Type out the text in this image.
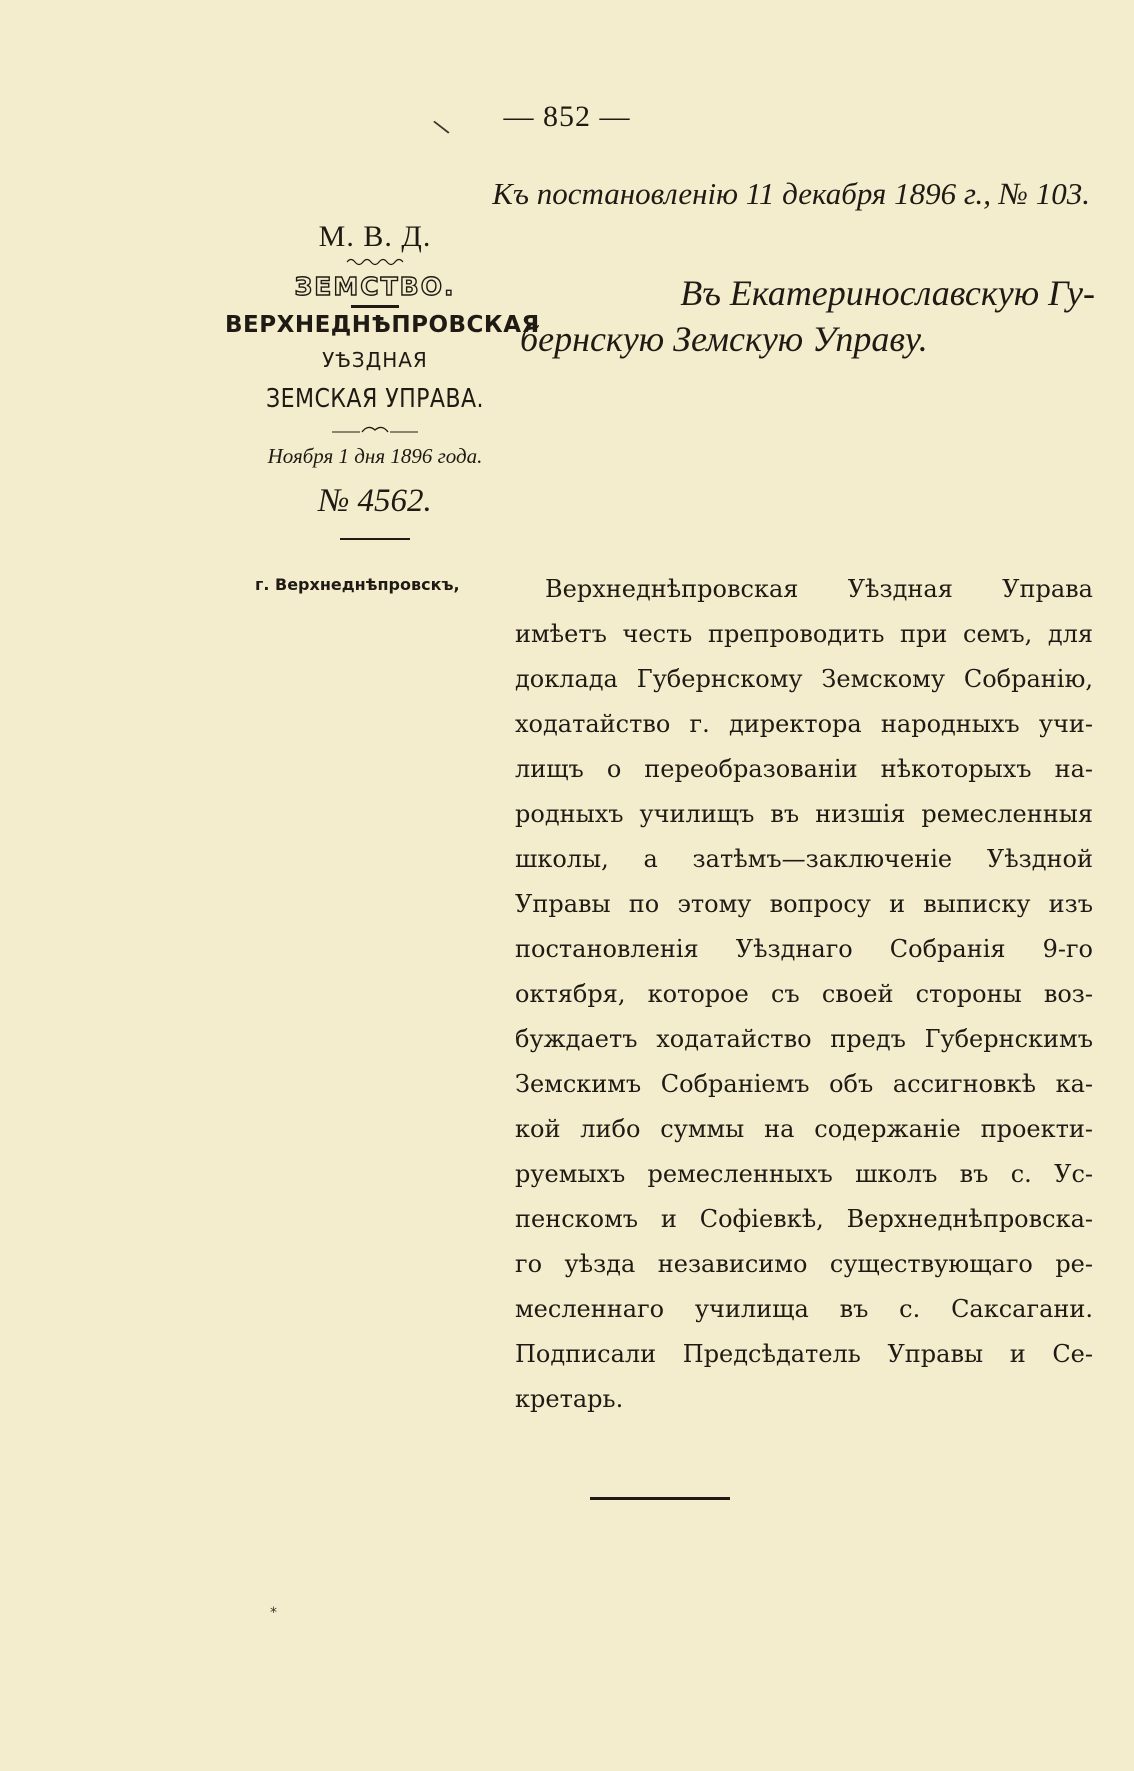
\	— 852 —
Къ постановленію 11 декабря 1896 г., № 103.

М. В. Д.

ЗЕМСТВО.

ВЕРХНЕДНѢПРОВСКАЯ

УѢЗДНАЯ
ЗЕМСКАЯ УПРАВА.
Ноября 1 дня 1896 года.
№ 4562.
г. Верхнеднѣпровскъ,
Въ Екатеринославскую Гу-
бернскую Земскую Управу.
Верхнеднѣпровская Уѣздная Управа
имѣетъ честь препроводить при семъ, для
доклада Губернскому Земскому Собранію,
ходатайство г. директора народныхъ учи-
лищъ о переобразованіи нѣкоторыхъ на-
родныхъ училищъ въ низшія ремесленныя
школы, а затѣмъ—заключеніе Уѣздной
Управы по этому вопросу и выписку изъ
постановленія Уѣзднаго Собранія 9-го
октября, которое съ своей стороны воз-
буждаетъ ходатайство предъ Губернскимъ
Земскимъ Собраніемъ объ ассигновкѣ ка-
кой либо суммы на содержаніе проекти-
руемыхъ ремесленныхъ школъ въ с. Ус-
пенскомъ и Софіевкѣ, Верхнеднѣпровска-
го уѣзда независимо существующаго ре-
месленнаго училища въ с. Саксагани.
Подписали Предсѣдатель Управы и Се-
кретарь.
*
